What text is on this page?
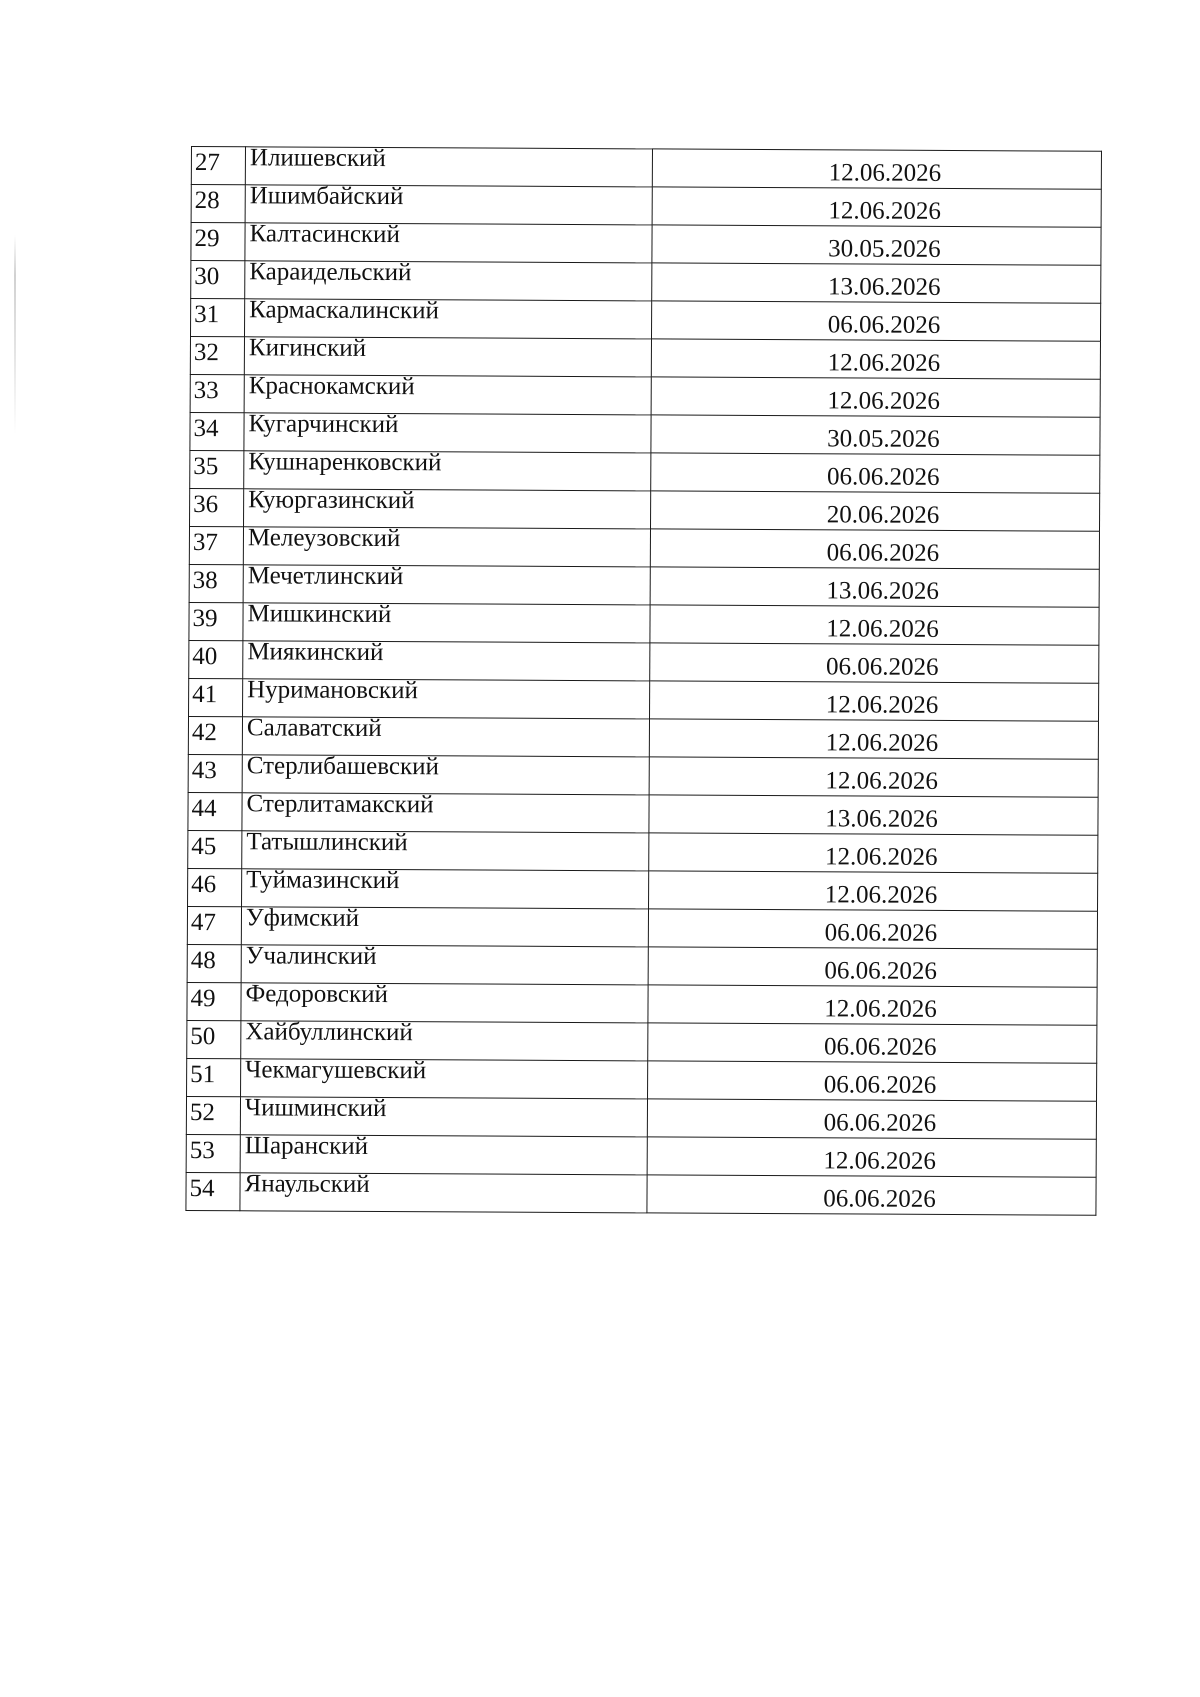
27	Илишевский	12.06.2026
28	Ишимбайский	12.06.2026
29	Калтасинский	30.05.2026
30	Караидельский	13.06.2026
31	Кармаскалинский	06.06.2026
32	Кигинский	12.06.2026
33	Краснокамский	12.06.2026
34	Кугарчинский	30.05.2026
35	Кушнаренковский	06.06.2026
36	Куюргазинский	20.06.2026
37	Мелеузовский	06.06.2026
38	Мечетлинский	13.06.2026
39	Мишкинский	12.06.2026
40	Миякинский	06.06.2026
41	Нуримановский	12.06.2026
42	Салаватский	12.06.2026
43	Стерлибашевский	12.06.2026
44	Стерлитамакский	13.06.2026
45	Татышлинский	12.06.2026
46	Туймазинский	12.06.2026
47	Уфимский	06.06.2026
48	Учалинский	06.06.2026
49	Федоровский	12.06.2026
50	Хайбуллинский	06.06.2026
51	Чекмагушевский	06.06.2026
52	Чишминский	06.06.2026
53	Шаранский	12.06.2026
54	Янаульский	06.06.2026
